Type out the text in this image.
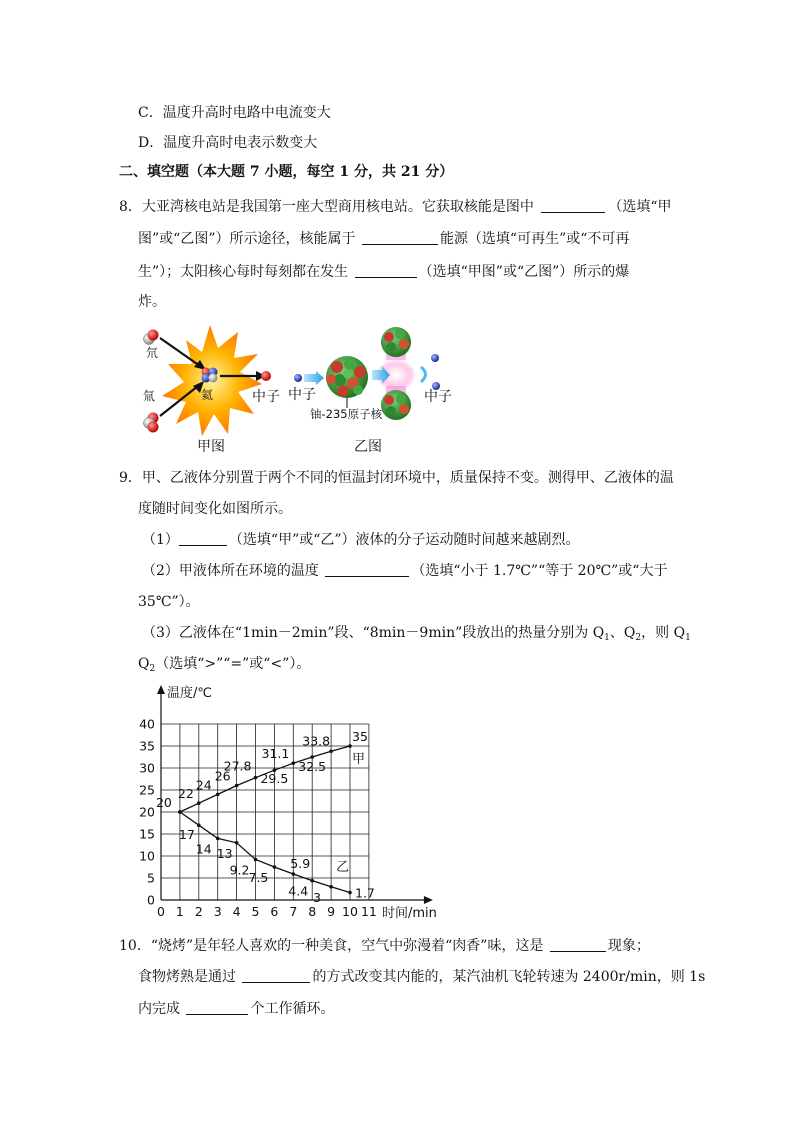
C．温度升高时电路中电流变大
D．温度升高时电表示数变大
二、填空题（本大题 7 小题，每空 1 分，共 21 分）
8．大亚湾核电站是我国第一座大型商用核电站。它获取核能是图中	（选填“甲
图”或“乙图”）所示途径，核能属于	能源（选填“可再生”或“不可再
生”）；太阳核心每时每刻都在发生	（选填“甲图”或“乙图”）所示的爆
炸。
氘
氚	氦	中子
甲图
中子
铀-235原子核
中子
乙图
9．甲、乙液体分别置于两个不同的恒温封闭环境中，质量保持不变。测得甲、乙液体的温
度随时间变化如图所示。
（1）	（选填“甲”或“乙”）液体的分子运动随时间越来越剧烈。
（2）甲液体所在环境的温度	（选填“小于 1.7℃”“等于 20℃”或“大于
35℃”）。
（3）乙液体在“1min－2min”段、“8min－9min”段放出的热量分别为 $Q_1$、$Q_2$，则 $Q_1$
$Q_2$（选填“>”“=”或“<”）。
温度/℃
时间/min
0 1 2 3 4 5 6 7 8 9 10 11
0
5
10
15
20
25
30
35
40
20
22
24
26
27.8
29.5
31.1
32.5
33.8 35
17
14 13
9.2 7.5
5.9
4.4 3	1.7
甲
乙
10．“烧烤”是年轻人喜欢的一种美食，空气中弥漫着“肉香”味，这是	现象；
食物烤熟是通过	的方式改变其内能的，某汽油机飞轮转速为 2400r/min，则 1s
内完成	个工作循环。
